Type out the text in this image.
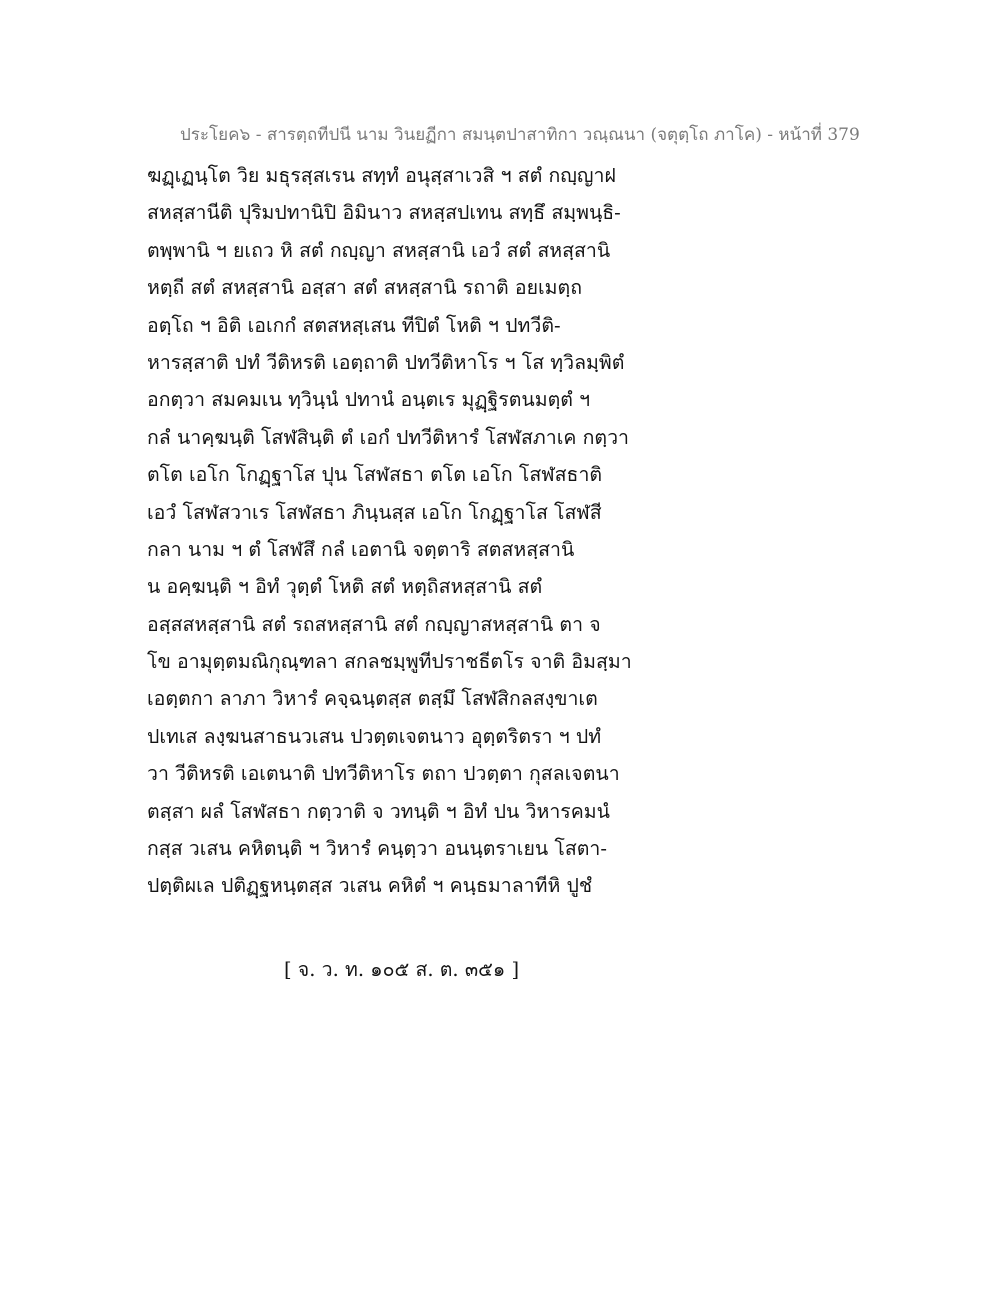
ประโยค๖ - สารตฺถทีปนี นาม วินยฏีกา สมนฺตปาสาทิกา วณฺณนา (จตุตฺโถ ภาโค) - หน้าที่ 379
ฆฏฺเฏนฺโต วิย มธุรสฺสเรน สทฺทํ อนุสฺสาเวสิ ฯ สตํ กญฺญาฝ
สหสฺสานีติ ปุริมปทานิปิ อิมินาว สหสฺสปเทน สทฺธึ สมฺพนฺธิ-
ตพฺพานิ ฯ ยเถว หิ สตํ กญฺญา สหสฺสานิ เอวํ สตํ สหสฺสานิ
หตฺถี สตํ สหสฺสานิ อสฺสา สตํ สหสฺสานิ รถาติ อยเมตฺถ
อตฺโถ ฯ อิติ เอเกกํ สตสหสฺเสน ทีปิตํ โหติ ฯ ปทวีติ-
หารสฺสาติ ปทํ วีติหรติ เอตฺถาติ ปทวีติหาโร ฯ โส ทฺวิลมฺพิตํ
อกตฺวา สมคมเน ทฺวินฺนํ ปทานํ อนฺตเร มุฏฺฐิรตนมตฺตํ ฯ
กลํ นาคฺฆนฺติ โสฬสินฺติ ตํ เอกํ ปทวีติหารํ โสฬสภาเค กตฺวา
ตโต เอโก โกฏฺฐาโส ปุน โสฬสธา ตโต เอโก โสฬสธาติ
เอวํ โสฬสวาเร โสฬสธา ภินฺนสฺส เอโก โกฏฺฐาโส โสฬสี
กลา นาม ฯ ตํ โสฬสึ กลํ เอตานิ จตฺตาริ สตสหสฺสานิ
น อคฺฆนฺติ ฯ อิทํ วุตฺตํ โหติ สตํ หตฺถิสหสฺสานิ สตํ
อสฺสสหสฺสานิ สตํ รถสหสฺสานิ สตํ กญฺญาสหสฺสานิ ตา จ
โข อามุตฺตมณิกุณฺฑลา สกลชมฺพูทีปราชธีตโร จาติ อิมสฺมา
เอตฺตกา ลาภา วิหารํ คจฺฉนฺตสฺส ตสฺมึ โสฬสิกลสงฺขาเต
ปเทเส ลงฺฆนสาธนวเสน ปวตฺตเจตนาว อุตฺตริตรา ฯ ปทํ
วา วีติหรติ เอเตนาติ ปทวีติหาโร ตถา ปวตฺตา กุสลเจตนา
ตสฺสา ผลํ โสฬสธา กตฺวาติ จ วทนฺติ ฯ อิทํ ปน วิหารคมนํ
กสฺส วเสน คหิตนฺติ ฯ วิหารํ คนฺตฺวา อนนฺตราเยน โสตา-
ปตฺติผเล ปติฏฺฐหนฺตสฺส วเสน คหิตํ ฯ คนฺธมาลาทีหิ ปูชํ
[ จ. ว. ท. ๑๐๕ ส. ต. ๓๕๑ ]
